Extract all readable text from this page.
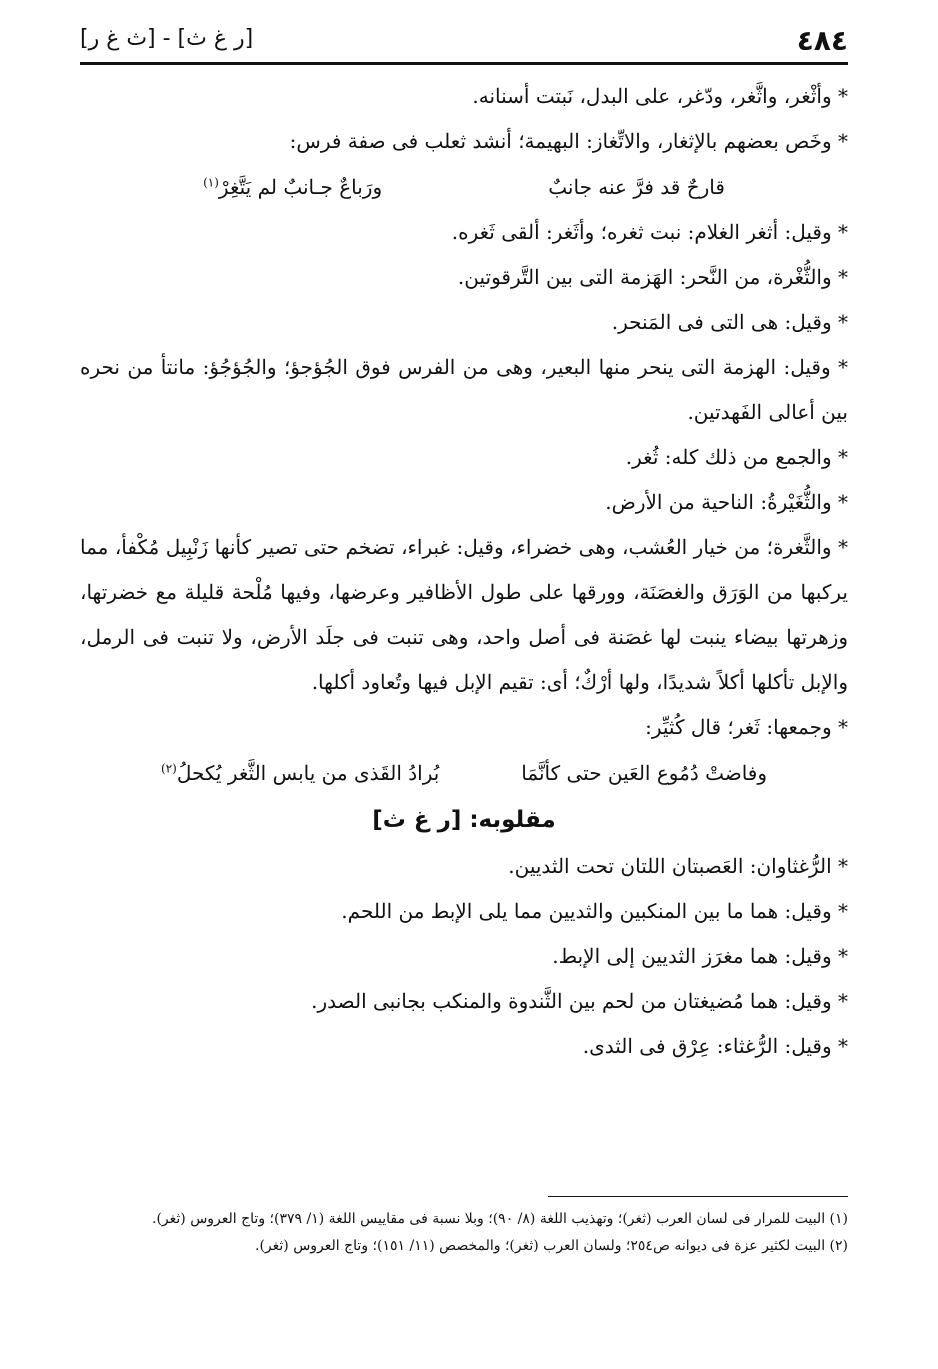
٤٨٤
[ث غ ر] - [ر غ ث]

* وأثْغر، واثَّغر، ودّغر، على البدل، نَبتت أسنانه.

* وخَص بعضهم بالإثغار، والاتِّغاز: البهيمة؛ أنشد ثعلب فى صفة فرس:

قارحٌ قد فرَّ عنه جانبٌ
ورَباعٌ جـانبٌ لم يَتَّغِرْ$^{(١)}$

* وقيل: أثغر الغلام: نبت ثغره؛ وأثَغر: ألقى ثَغره.

* والثُّغْرة، من النَّحر: الهَزمة التى بين التَّرقوتين.

* وقيل: هى التى فى المَنحر.

* وقيل: الهزمة التى ينحر منها البعير، وهى من الفرس فوق الجُؤجؤ؛ والجُؤجُؤ: مانتأ من نحره بين أعالى الفَهدتين.

* والجمع من ذلك كله: ثُغر.

* والثُّغَيْرةُ: الناحية من الأرض.

* والثَّغرة؛ من خيار العُشب، وهى خضراء، وقيل: غبراء، تضخم حتى تصير كأنها زَنْبِيل مُكْفأ، مما يركبها من الوَرَق والغصَنَة، وورقها على طول الأظافير وعرضها، وفيها مُلْحة قليلة مع خضرتها، وزهرتها بيضاء ينبت لها غصَنة فى أصل واحد، وهى تنبت فى جلَد الأرض، ولا تنبت فى الرمل، والإبل تأكلها أكلاً شديدًا، ولها أرْكٌ؛ أى: تقيم الإبل فيها وتُعاود أكلها.

* وجمعها: ثَغر؛ قال كُثيِّر:

وفاضتْ دُمُوع العَين حتى كأنَّمَا
بُرادُ القَذى من يابس الثَّغر يُكحلُ$^{(٢)}$

مقلوبه: [ر غ ث]

* الرُّغثاوان: العَصبتان اللتان تحت الثديين.

* وقيل: هما ما بين المنكبين والثديين مما يلى الإبط من اللحم.

* وقيل: هما مغرَز الثديين إلى الإبط.

* وقيل: هما مُضيغتان من لحم بين الثَّندوة والمنكب بجانبى الصدر.

* وقيل: الرُّغثاء: عِرْق فى الثدى.

(١) البيت للمرار فى لسان العرب (ثغر)؛ وتهذيب اللغة (٨/ ٩٠)؛ وبلا نسبة فى مقاييس اللغة (١/ ٣٧٩)؛ وتاج العروس (ثغر).

(٢) البيت لكثير عزة فى ديوانه ص٢٥٤؛ ولسان العرب (ثغر)؛ والمخصص (١١/ ١٥١)؛ وتاج العروس (ثغر).
